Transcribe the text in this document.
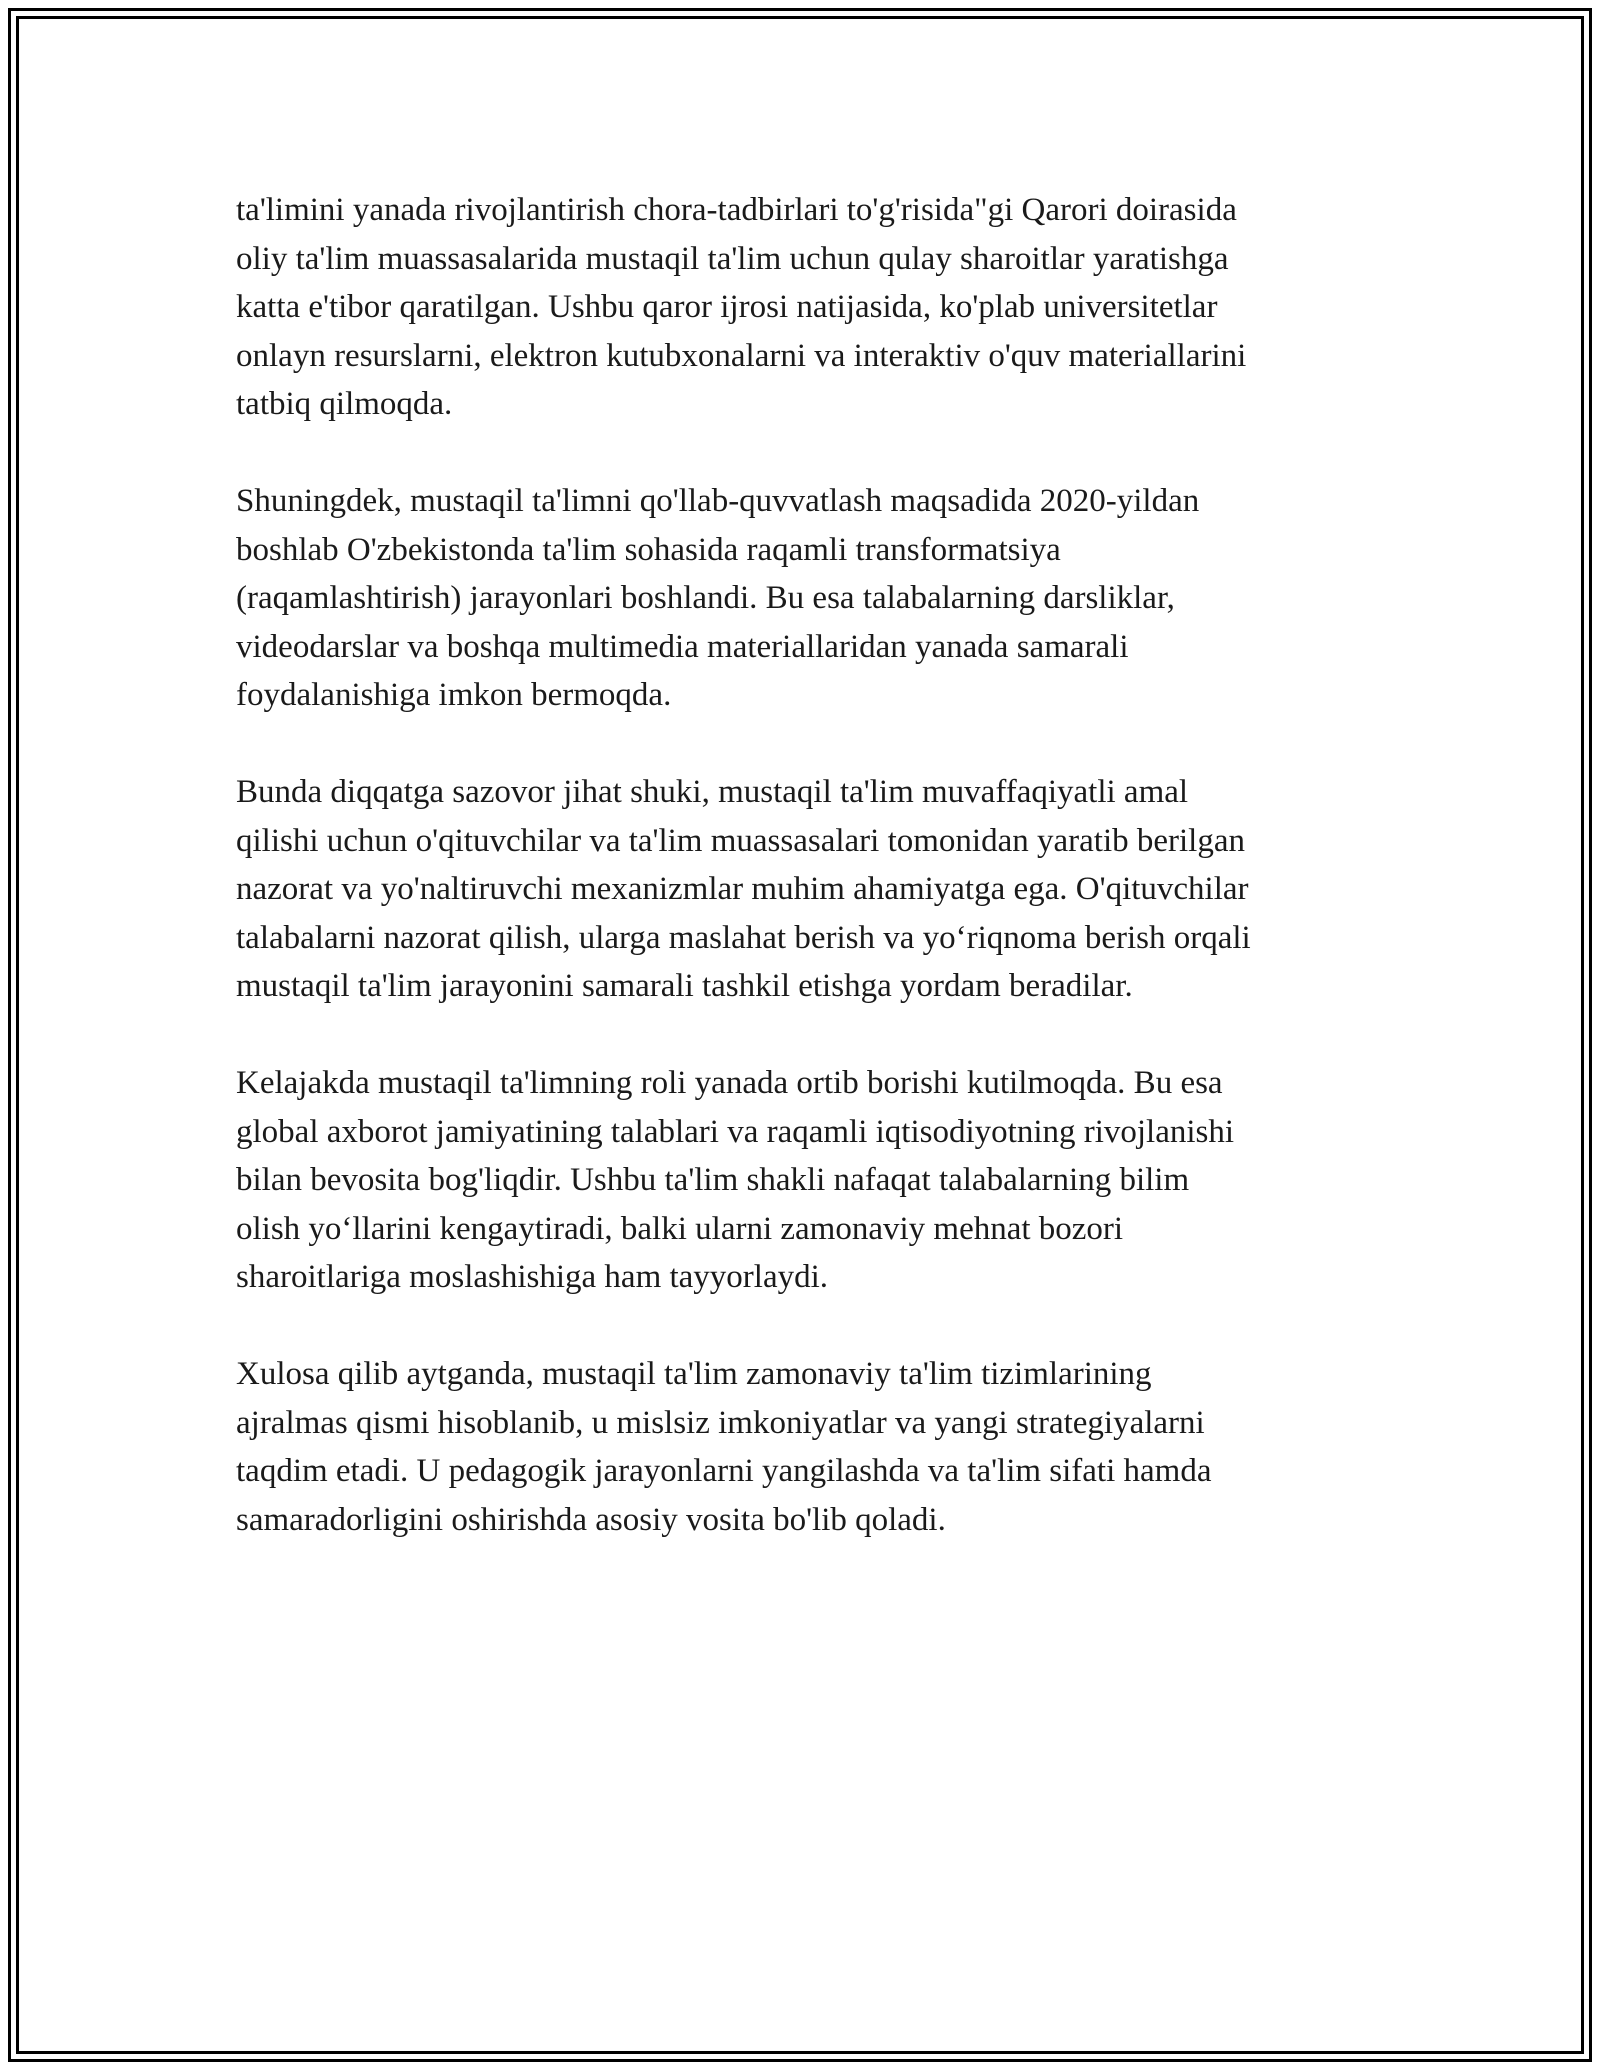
ta'limini yanada rivojlantirish chora-tadbirlari to'g'risida"gi Qarori doirasida
oliy ta'lim muassasalarida mustaqil ta'lim uchun qulay sharoitlar yaratishga
katta e'tibor qaratilgan. Ushbu qaror ijrosi natijasida, ko'plab universitetlar
onlayn resurslarni, elektron kutubxonalarni va interaktiv o'quv materiallarini
tatbiq qilmoqda.

Shuningdek, mustaqil ta'limni qo'llab-quvvatlash maqsadida 2020-yildan
boshlab O'zbekistonda ta'lim sohasida raqamli transformatsiya
(raqamlashtirish) jarayonlari boshlandi. Bu esa talabalarning darsliklar,
videodarslar va boshqa multimedia materiallaridan yanada samarali
foydalanishiga imkon bermoqda.

Bunda diqqatga sazovor jihat shuki, mustaqil ta'lim muvaffaqiyatli amal
qilishi uchun o'qituvchilar va ta'lim muassasalari tomonidan yaratib berilgan
nazorat va yo'naltiruvchi mexanizmlar muhim ahamiyatga ega. O'qituvchilar
talabalarni nazorat qilish, ularga maslahat berish va yo‘riqnoma berish orqali
mustaqil ta'lim jarayonini samarali tashkil etishga yordam beradilar.

Kelajakda mustaqil ta'limning roli yanada ortib borishi kutilmoqda. Bu esa
global axborot jamiyatining talablari va raqamli iqtisodiyotning rivojlanishi
bilan bevosita bog'liqdir. Ushbu ta'lim shakli nafaqat talabalarning bilim
olish yo‘llarini kengaytiradi, balki ularni zamonaviy mehnat bozori
sharoitlariga moslashishiga ham tayyorlaydi.

Xulosa qilib aytganda, mustaqil ta'lim zamonaviy ta'lim tizimlarining
ajralmas qismi hisoblanib, u mislsiz imkoniyatlar va yangi strategiyalarni
taqdim etadi. U pedagogik jarayonlarni yangilashda va ta'lim sifati hamda
samaradorligini oshirishda asosiy vosita bo'lib qoladi.
